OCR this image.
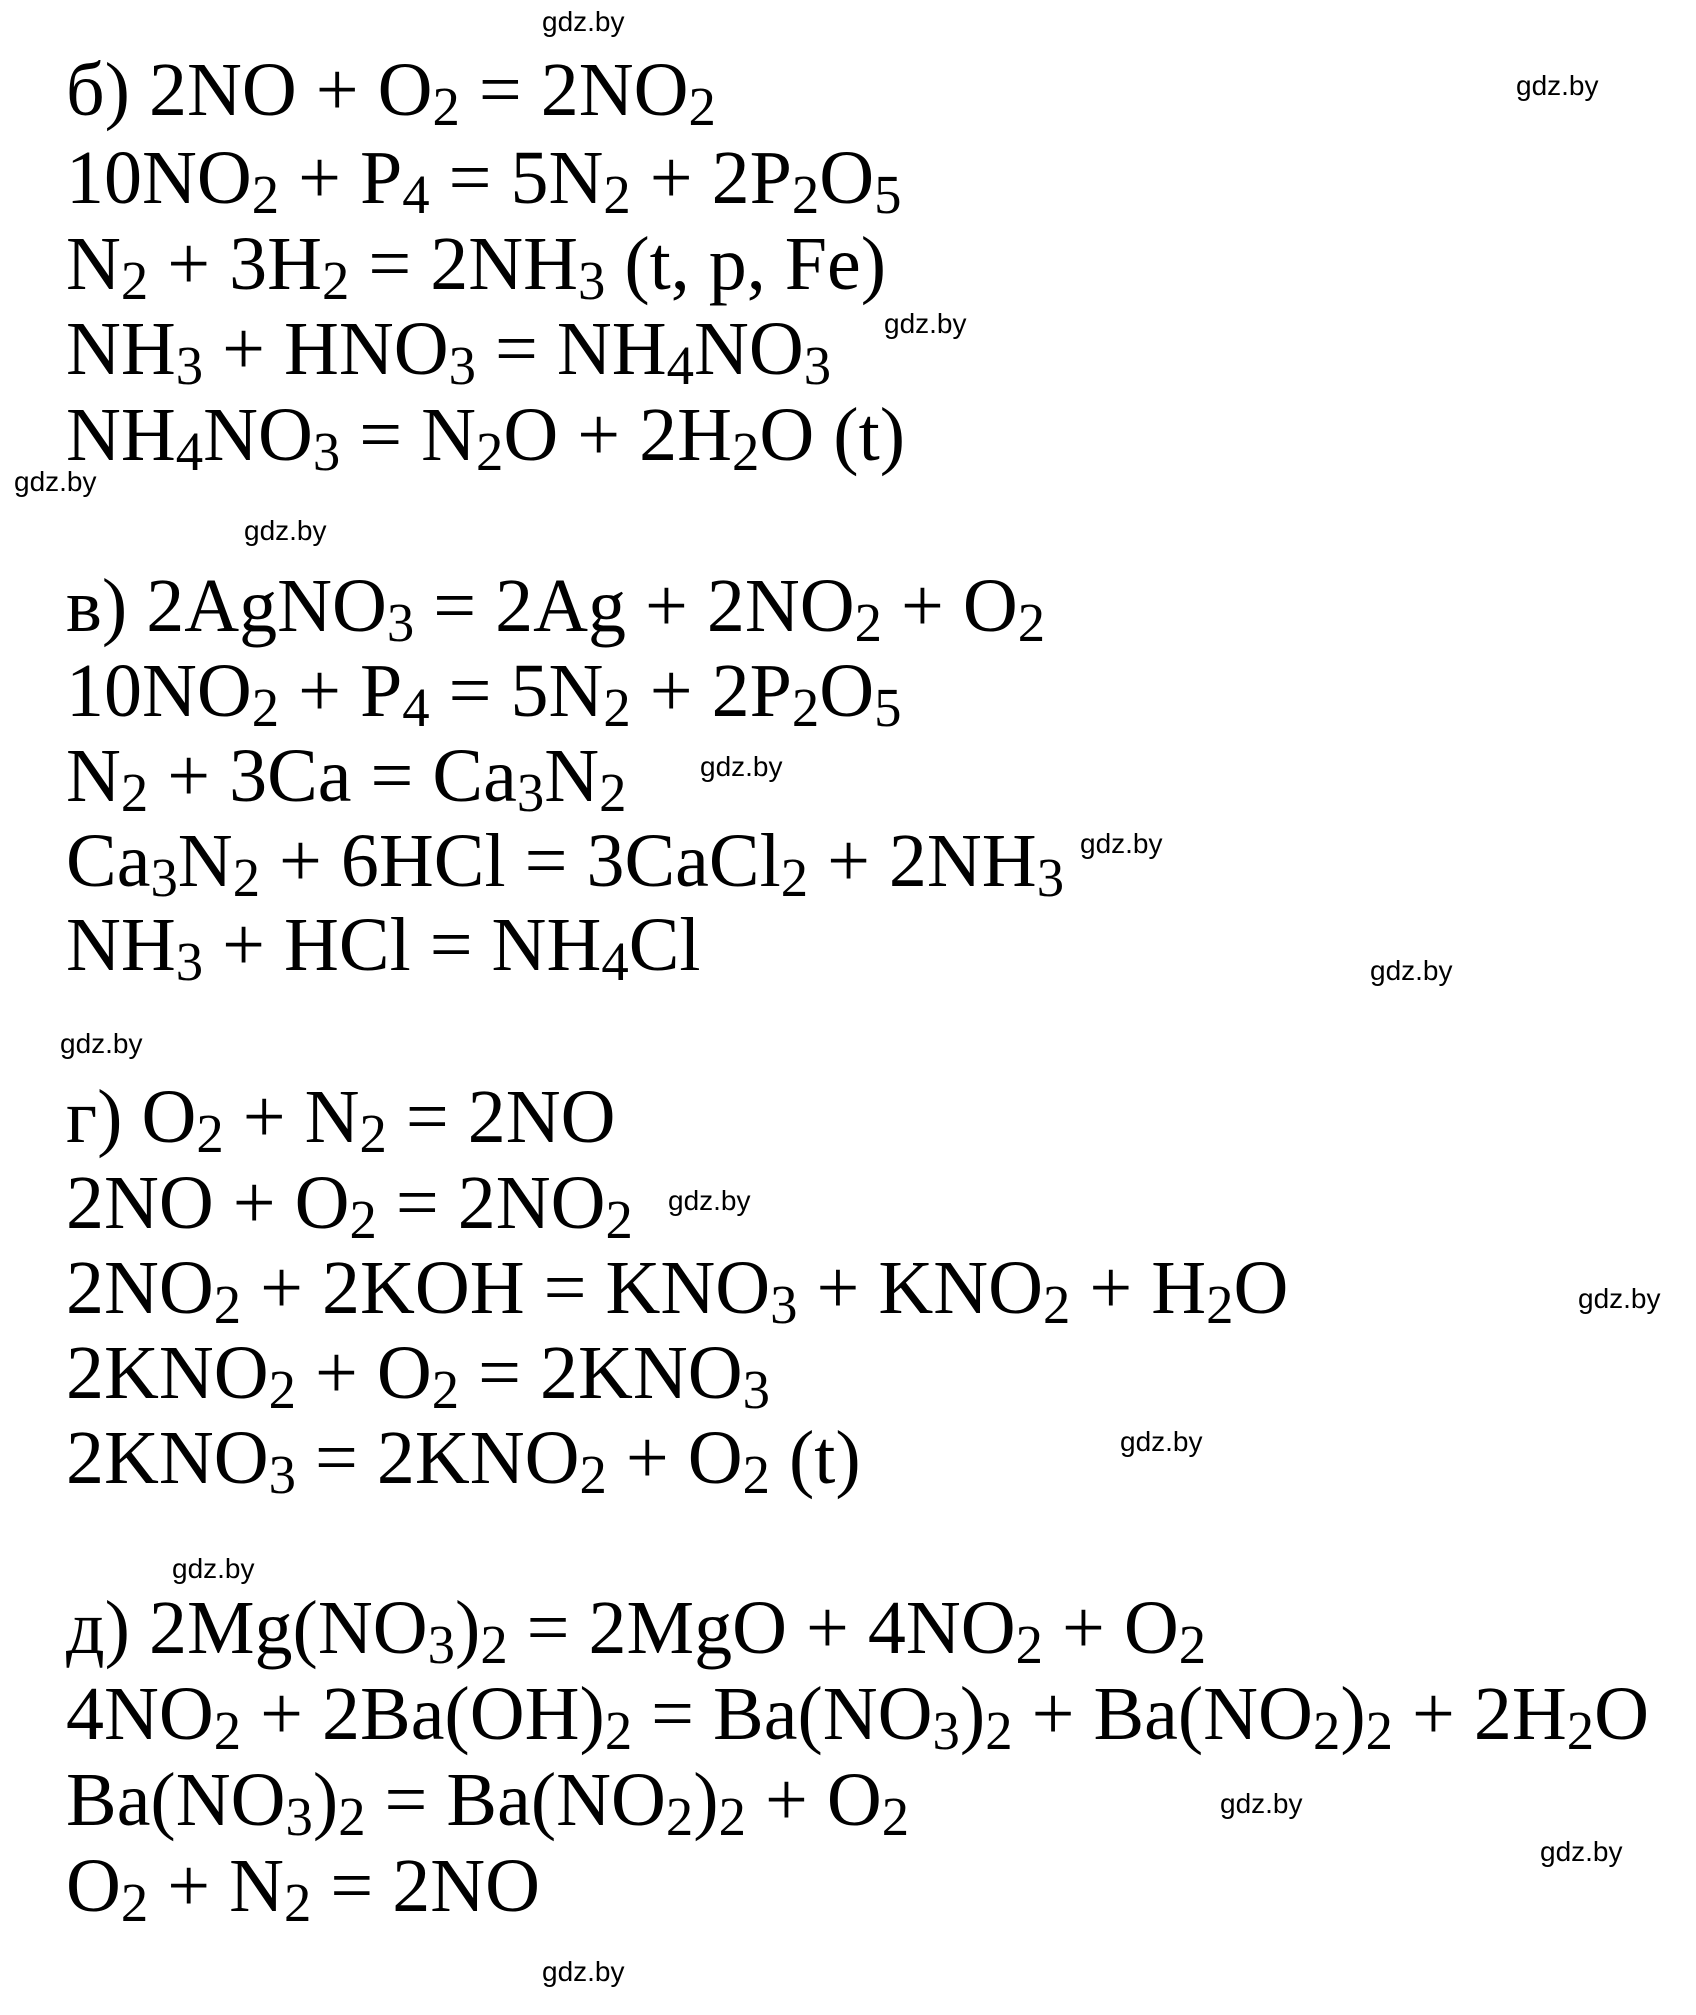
б) $2NO + O_2 = 2NO_2$
$10NO_2 + P_4 = 5N_2 + 2P_2O_5$
$N_2 + 3H_2 = 2NH_3$ (t, p, Fe)
$NH_3 + HNO_3 = NH_4NO_3$
$NH_4NO_3 = N_2O + 2H_2O$ (t)
в) 2AgNO$_3$ = $2Ag + 2NO_2 + O_2$
$10NO_2 + P_4 = 5N_2 + 2P_2O_5$
$N_2 + 3Ca = Ca_3N_2$
$Ca_3N_2 + 6HCl$ = 3CaCl$_2$ + $2NH_3$
$NH_3$ + HCl = $NH_4Cl$
г) $O_2 + N_2 = 2NO$
$2NO + O_2 = 2NO_2$
$2NO_2 + 2KOH = KNO_3 + KNO_2 + H_2O$
$2KNO_2 + O_2 = 2KNO_3$
$2KNO_3 = 2KNO_2 + O_2$ (t)
д) $2Mg(NO_3)_2 = 2MgO + 4NO_2 + O_2$
$4NO_2 + 2Ba(OH)_2 = Ba(NO_3)_2 + Ba(NO_2)_2 + 2H_2O$
$Ba(NO_3)_2 = Ba(NO_2)_2 + O_2$
$O_2 + N_2 = 2NO$
gdz.by
gdz.by
gdz.by
gdz.by
gdz.by
gdz.by
gdz.by
gdz.by
gdz.by
gdz.by
gdz.by
gdz.by
gdz.by
gdz.by
gdz.by
gdz.by
